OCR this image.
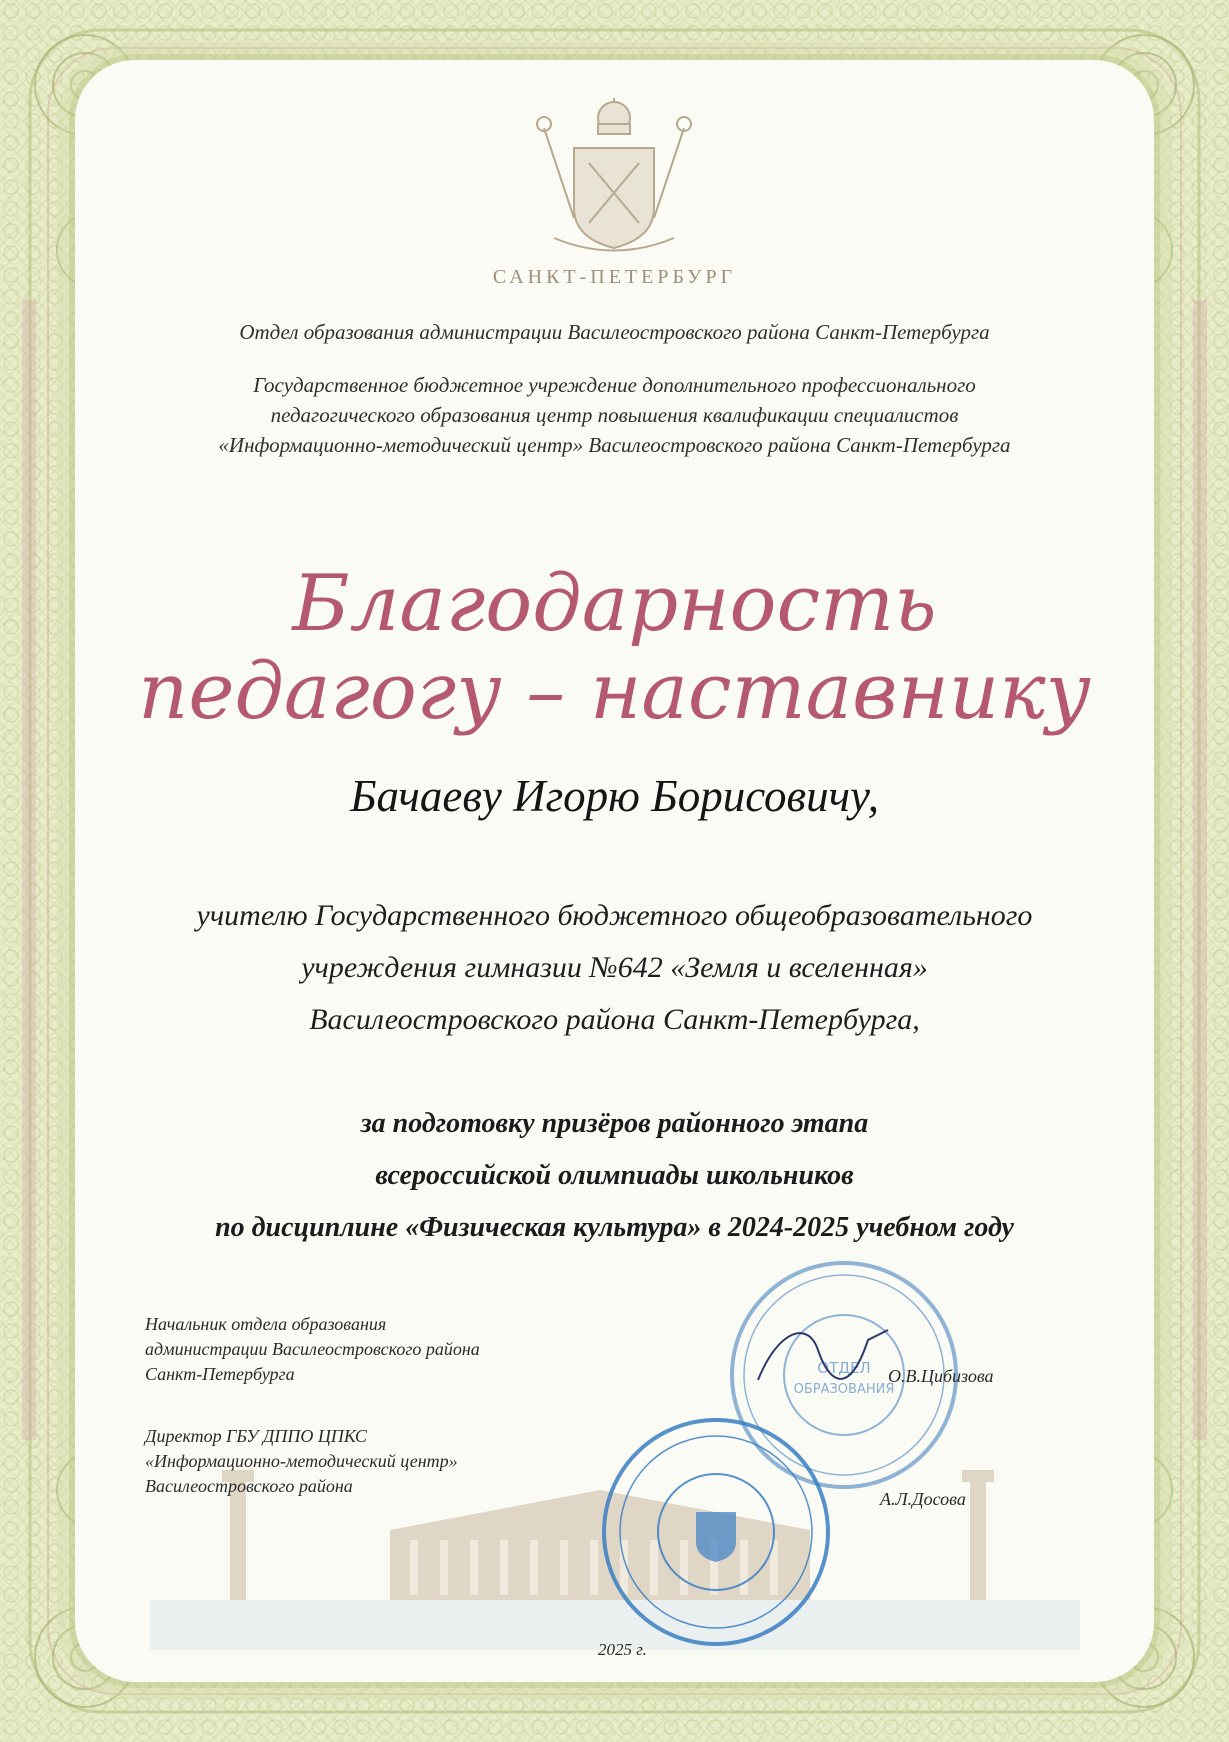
САНКТ-ПЕТЕРБУРГ
Отдел образования администрации Василеостровского района Санкт-Петербурга
Государственное бюджетное учреждение дополнительного профессионального
педагогического образования центр повышения квалификации специалистов
«Информационно-методический центр» Василеостровского района Санкт-Петербурга
Благодарность
педагогу – наставнику
Бачаеву Игорю Борисовичу,
учителю Государственного бюджетного общеобразовательного
учреждения гимназии №642 «Земля и вселенная»
Василеостровского района Санкт-Петербурга,
за подготовку призёров районного этапа
всероссийской олимпиады школьников
по дисциплине «Физическая культура» в 2024-2025 учебном году
ОТДЕЛ
ОБРАЗОВАНИЯ
Начальник отдела образования
администрации Василеостровского района
Санкт-Петербурга	О.В.Цибизова
Директор ГБУ ДППО ЦПКС
«Информационно-методический центр»
Василеостровского района
А.Л.Досова
2025 г.
